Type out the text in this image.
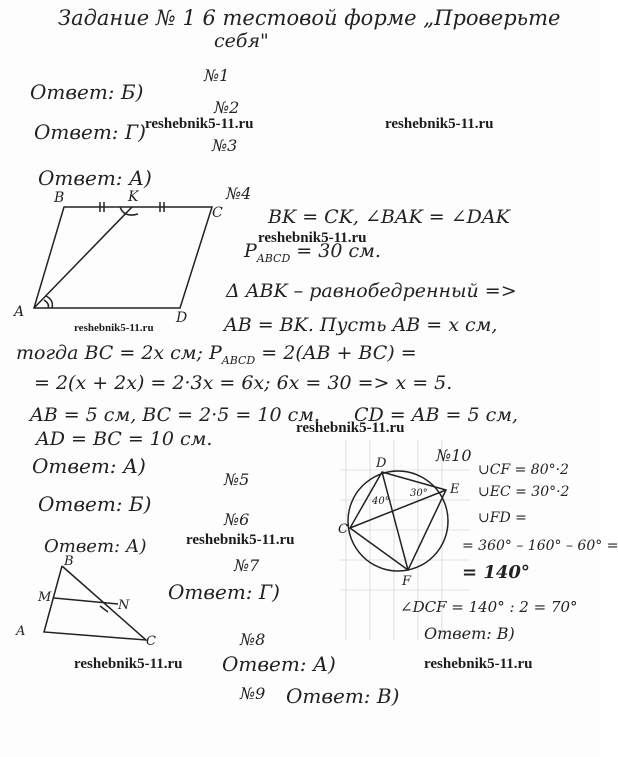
Задание № 1 6 тестовой форме „Проверьте
себя"
№1
Ответ: Б)
№2
Ответ: Г) reshebnik5-11.ru	reshebnik5-11.ru
№3
Ответ: А)
№4
B	K
C
A	D
BK = CK, ∠BAK = ∠DAK
$P_{ABCD} = 30$ см.
reshebnik5-11.ru
Δ ABK – равнобедренный =>
AB = BK. Пусть AB = x см,
reshebnik5-11.ru
тогда BC = 2x см; $P_{ABCD} = 2(AB + BC)$ =
= 2(x + 2x) = 2·3x = 6x; 6x = 30 => x = 5.
AB = 5 см, BC = 2·5 = 10 см. CD = AB = 5 см,
AD = BC = 10 см.	reshebnik5-11.ru
Ответ: А)	№10
D
E
C
F
40°
30°
∪CF = 80°·2
∪EC = 30°·2
∪FD =
= 360° – 160° – 60° =
= 140°
∠DCF = 140° : 2 = 70°
Ответ: В)
№5
Ответ: Б)
№6
Ответ: А)	reshebnik5-11.ru
B
M
N
A
C
№7
Ответ: Г)
№8
reshebnik5-11.ru Ответ: А)	reshebnik5-11.ru
№9 Ответ: В)
